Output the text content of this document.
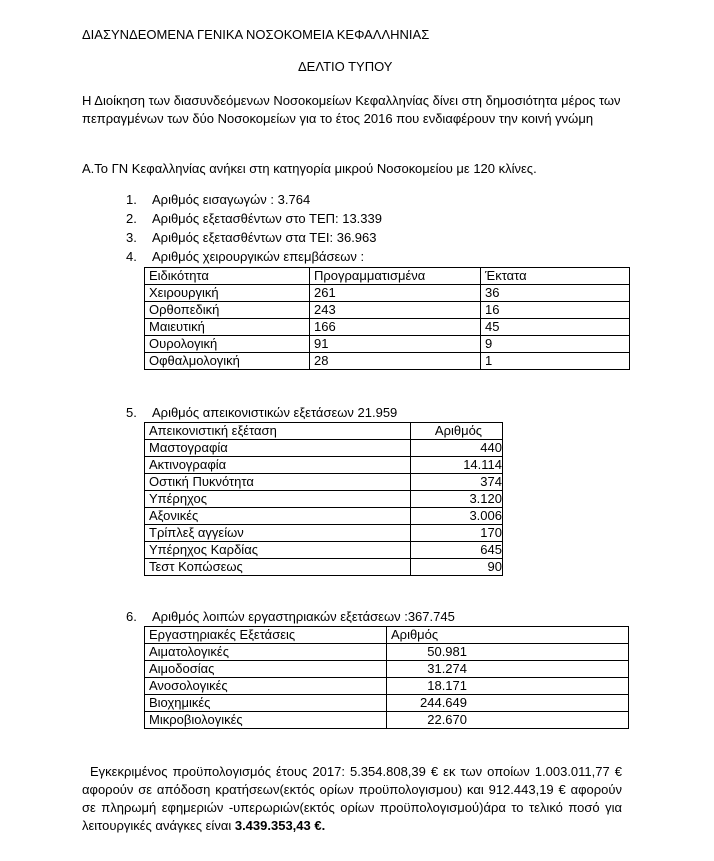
ΔΙΑΣΥΝΔΕΟΜΕΝΑ ΓΕΝΙΚΑ ΝΟΣΟΚΟΜΕΙΑ ΚΕΦΑΛΛΗΝΙΑΣ
ΔΕΛΤΙΟ ΤΥΠΟΥ
Η Διοίκηση των διασυνδεόμενων Νοσοκομείων Κεφαλληνίας δίνει στη δημοσιότητα μέρος των πεπραγμένων των δύο Νοσοκομείων για το έτος 2016 που ενδιαφέρουν την κοινή γνώμη
Α.Το ΓΝ Κεφαλληνίας ανήκει στη κατηγορία μικρού Νοσοκομείου με 120 κλίνες.
1. Αριθμός εισαγωγών : 3.764
2. Αριθμός εξετασθέντων στο ΤΕΠ: 13.339
3. Αριθμός εξετασθέντων στα ΤΕΙ: 36.963
4. Αριθμός χειρουργικών επεμβάσεων :
Ειδικότητα	Προγραμματισμένα	Έκτατα
Χειρουργική	261	36
Ορθοπεδική	243	16
Μαιευτική	166	45
Ουρολογική	91	9
Οφθαλμολογική	28	1
5. Αριθμός απεικονιστικών εξετάσεων 21.959
Απεικονιστική εξέταση	Αριθμός
Μαστογραφία	440
Ακτινογραφία	14.114
Οστική Πυκνότητα	374
Υπέρηχος	3.120
Αξονικές	3.006
Τρίπλεξ αγγείων	170
Υπέρηχος Καρδίας	645
Τεστ Κοπώσεως	90
6. Αριθμός λοιπών εργαστηριακών εξετάσεων :367.745
Εργαστηριακές Εξετάσεις	Αριθμός
Αιματολογικές	50.981
Αιμοδοσίας	31.274
Ανοσολογικές	18.171
Βιοχημικές	244.649
Μικροβιολογικές	22.670
Εγκεκριμένος προϋπολογισμός έτους 2017: 5.354.808,39 € εκ των οποίων 1.003.011,77 € αφορούν σε απόδοση κρατήσεων(εκτός ορίων προϋπολογισμου) και 912.443,19 € αφορούν σε πληρωμή εφημεριών -υπερωριών(εκτός ορίων προϋπολογισμού)άρα το τελικό ποσό για λειτουργικές ανάγκες είναι 3.439.353,43 €.
